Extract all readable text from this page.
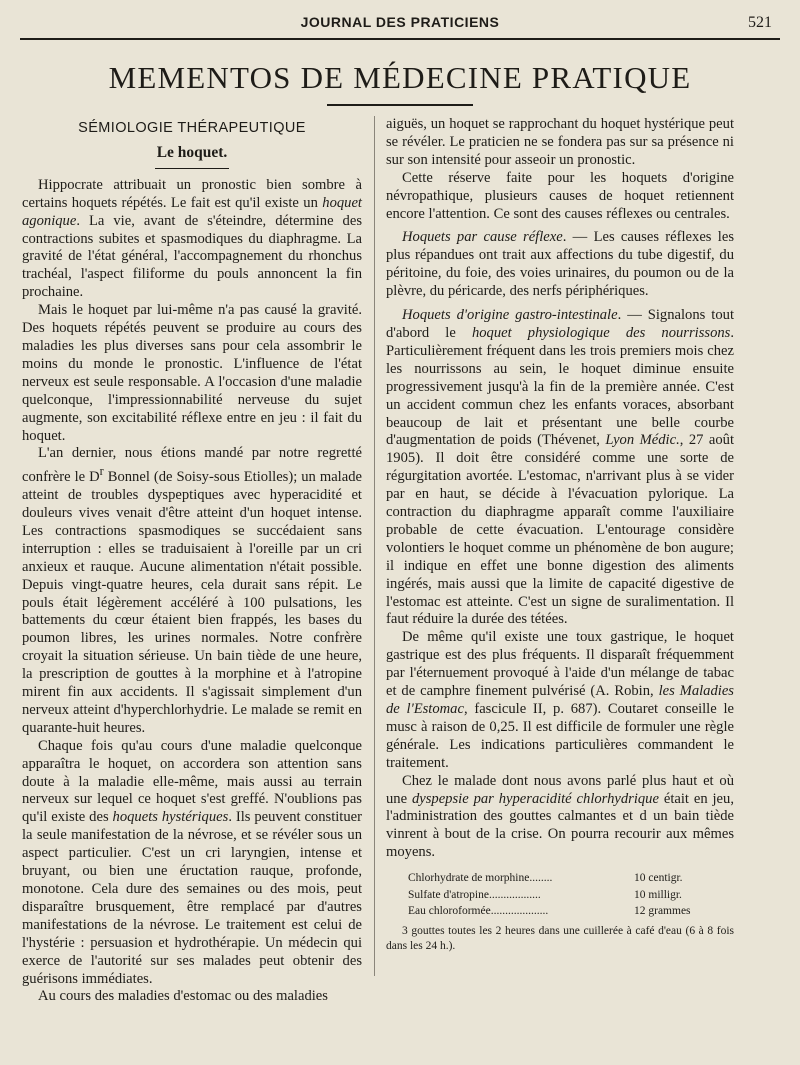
JOURNAL DES PRATICIENS	521
MEMENTOS DE MÉDECINE PRATIQUE
SÉMIOLOGIE THÉRAPEUTIQUE
Le hoquet.

Hippocrate attribuait un pronostic bien sombre à certains hoquets répétés. Le fait est qu'il existe un hoquet agonique. La vie, avant de s'éteindre, détermine des contractions subites et spasmodiques du diaphragme. La gravité de l'état général, l'accompagnement du rhonchus trachéal, l'aspect filiforme du pouls annoncent la fin prochaine.

Mais le hoquet par lui-même n'a pas causé la gravité. Des hoquets répétés peuvent se produire au cours des maladies les plus diverses sans pour cela assombrir le moins du monde le pronostic. L'influence de l'état nerveux est seule responsable. A l'occasion d'une maladie quelconque, l'impressionnabilité nerveuse du sujet augmente, son excitabilité réflexe entre en jeu : il fait du hoquet.

L'an dernier, nous étions mandé par notre regretté confrère le $D^r$ Bonnel (de Soisy-sous Etiolles); un malade atteint de troubles dyspeptiques avec hyperacidité et douleurs vives venait d'être atteint d'un hoquet intense. Les contractions spasmodiques se succédaient sans interruption : elles se traduisaient à l'oreille par un cri anxieux et rauque. Aucune alimentation n'était possible. Depuis vingt-quatre heures, cela durait sans répit. Le pouls était légèrement accéléré à 100 pulsations, les battements du cœur étaient bien frappés, les bases du poumon libres, les urines normales. Notre confrère croyait la situation sérieuse. Un bain tiède de une heure, la prescription de gouttes à la morphine et à l'atropine mirent fin aux accidents. Il s'agissait simplement d'un nerveux atteint d'hyperchlorhydrie. Le malade se remit en quarante-huit heures.

Chaque fois qu'au cours d'une maladie quelconque apparaîtra le hoquet, on accordera son attention sans doute à la maladie elle-même, mais aussi au terrain nerveux sur lequel ce hoquet s'est greffé. N'oublions pas qu'il existe des hoquets hystériques. Ils peuvent constituer la seule manifestation de la névrose, et se révéler sous un aspect particulier. C'est un cri laryngien, intense et bruyant, ou bien une éructation rauque, profonde, monotone. Cela dure des semaines ou des mois, peut disparaître brusquement, être remplacé par d'autres manifestations de la névrose. Le traitement est celui de l'hystérie : persuasion et hydrothérapie. Un médecin qui exerce de l'autorité sur ses malades peut obtenir des guérisons immédiates.

Au cours des maladies d'estomac ou des maladies

aiguës, un hoquet se rapprochant du hoquet hystérique peut se révéler. Le praticien ne se fondera pas sur sa présence ni sur son intensité pour asseoir un pronostic.

Cette réserve faite pour les hoquets d'origine névropathique, plusieurs causes de hoquet retiennent encore l'attention. Ce sont des causes réflexes ou centrales.

Hoquets par cause réflexe. — Les causes réflexes les plus répandues ont trait aux affections du tube digestif, du péritoine, du foie, des voies urinaires, du poumon ou de la plèvre, du péricarde, des nerfs périphériques.

Hoquets d'origine gastro-intestinale. — Signalons tout d'abord le hoquet physiologique des nourrissons. Particulièrement fréquent dans les trois premiers mois chez les nourrissons au sein, le hoquet diminue ensuite progressivement jusqu'à la fin de la première année. C'est un accident commun chez les enfants voraces, absorbant beaucoup de lait et présentant une belle courbe d'augmentation de poids (Thévenet, Lyon Médic., 27 août 1905). Il doit être considéré comme une sorte de régurgitation avortée. L'estomac, n'arrivant plus à se vider par en haut, se décide à l'évacuation pylorique. La contraction du diaphragme apparaît comme l'auxiliaire probable de cette évacuation. L'entourage considère volontiers le hoquet comme un phénomène de bon augure; il indique en effet une bonne digestion des aliments ingérés, mais aussi que la limite de capacité digestive de l'estomac est atteinte. C'est un signe de suralimentation. Il faut réduire la durée des tétées.

De même qu'il existe une toux gastrique, le hoquet gastrique est des plus fréquents. Il disparaît fréquemment par l'éternuement provoqué à l'aide d'un mélange de tabac et de camphre finement pulvérisé (A. Robin, les Maladies de l'Estomac, fascicule II, p. 687). Coutaret conseille le musc à raison de 0,25. Il est difficile de formuler une règle générale. Les indications particulières commandent le traitement.

Chez le malade dont nous avons parlé plus haut et où une dyspepsie par hyperacidité chlorhydrique était en jeu, l'administration des gouttes calmantes et d un bain tiède vinrent à bout de la crise. On pourra recourir aux mêmes moyens.

Chlorhydrate de morphine........	10 centigr.
Sulfate d'atropine..................	10 milligr.
Eau chloroformée....................	12 grammes

3 gouttes toutes les 2 heures dans une cuillerée à café d'eau (6 à 8 fois dans les 24 h.).
